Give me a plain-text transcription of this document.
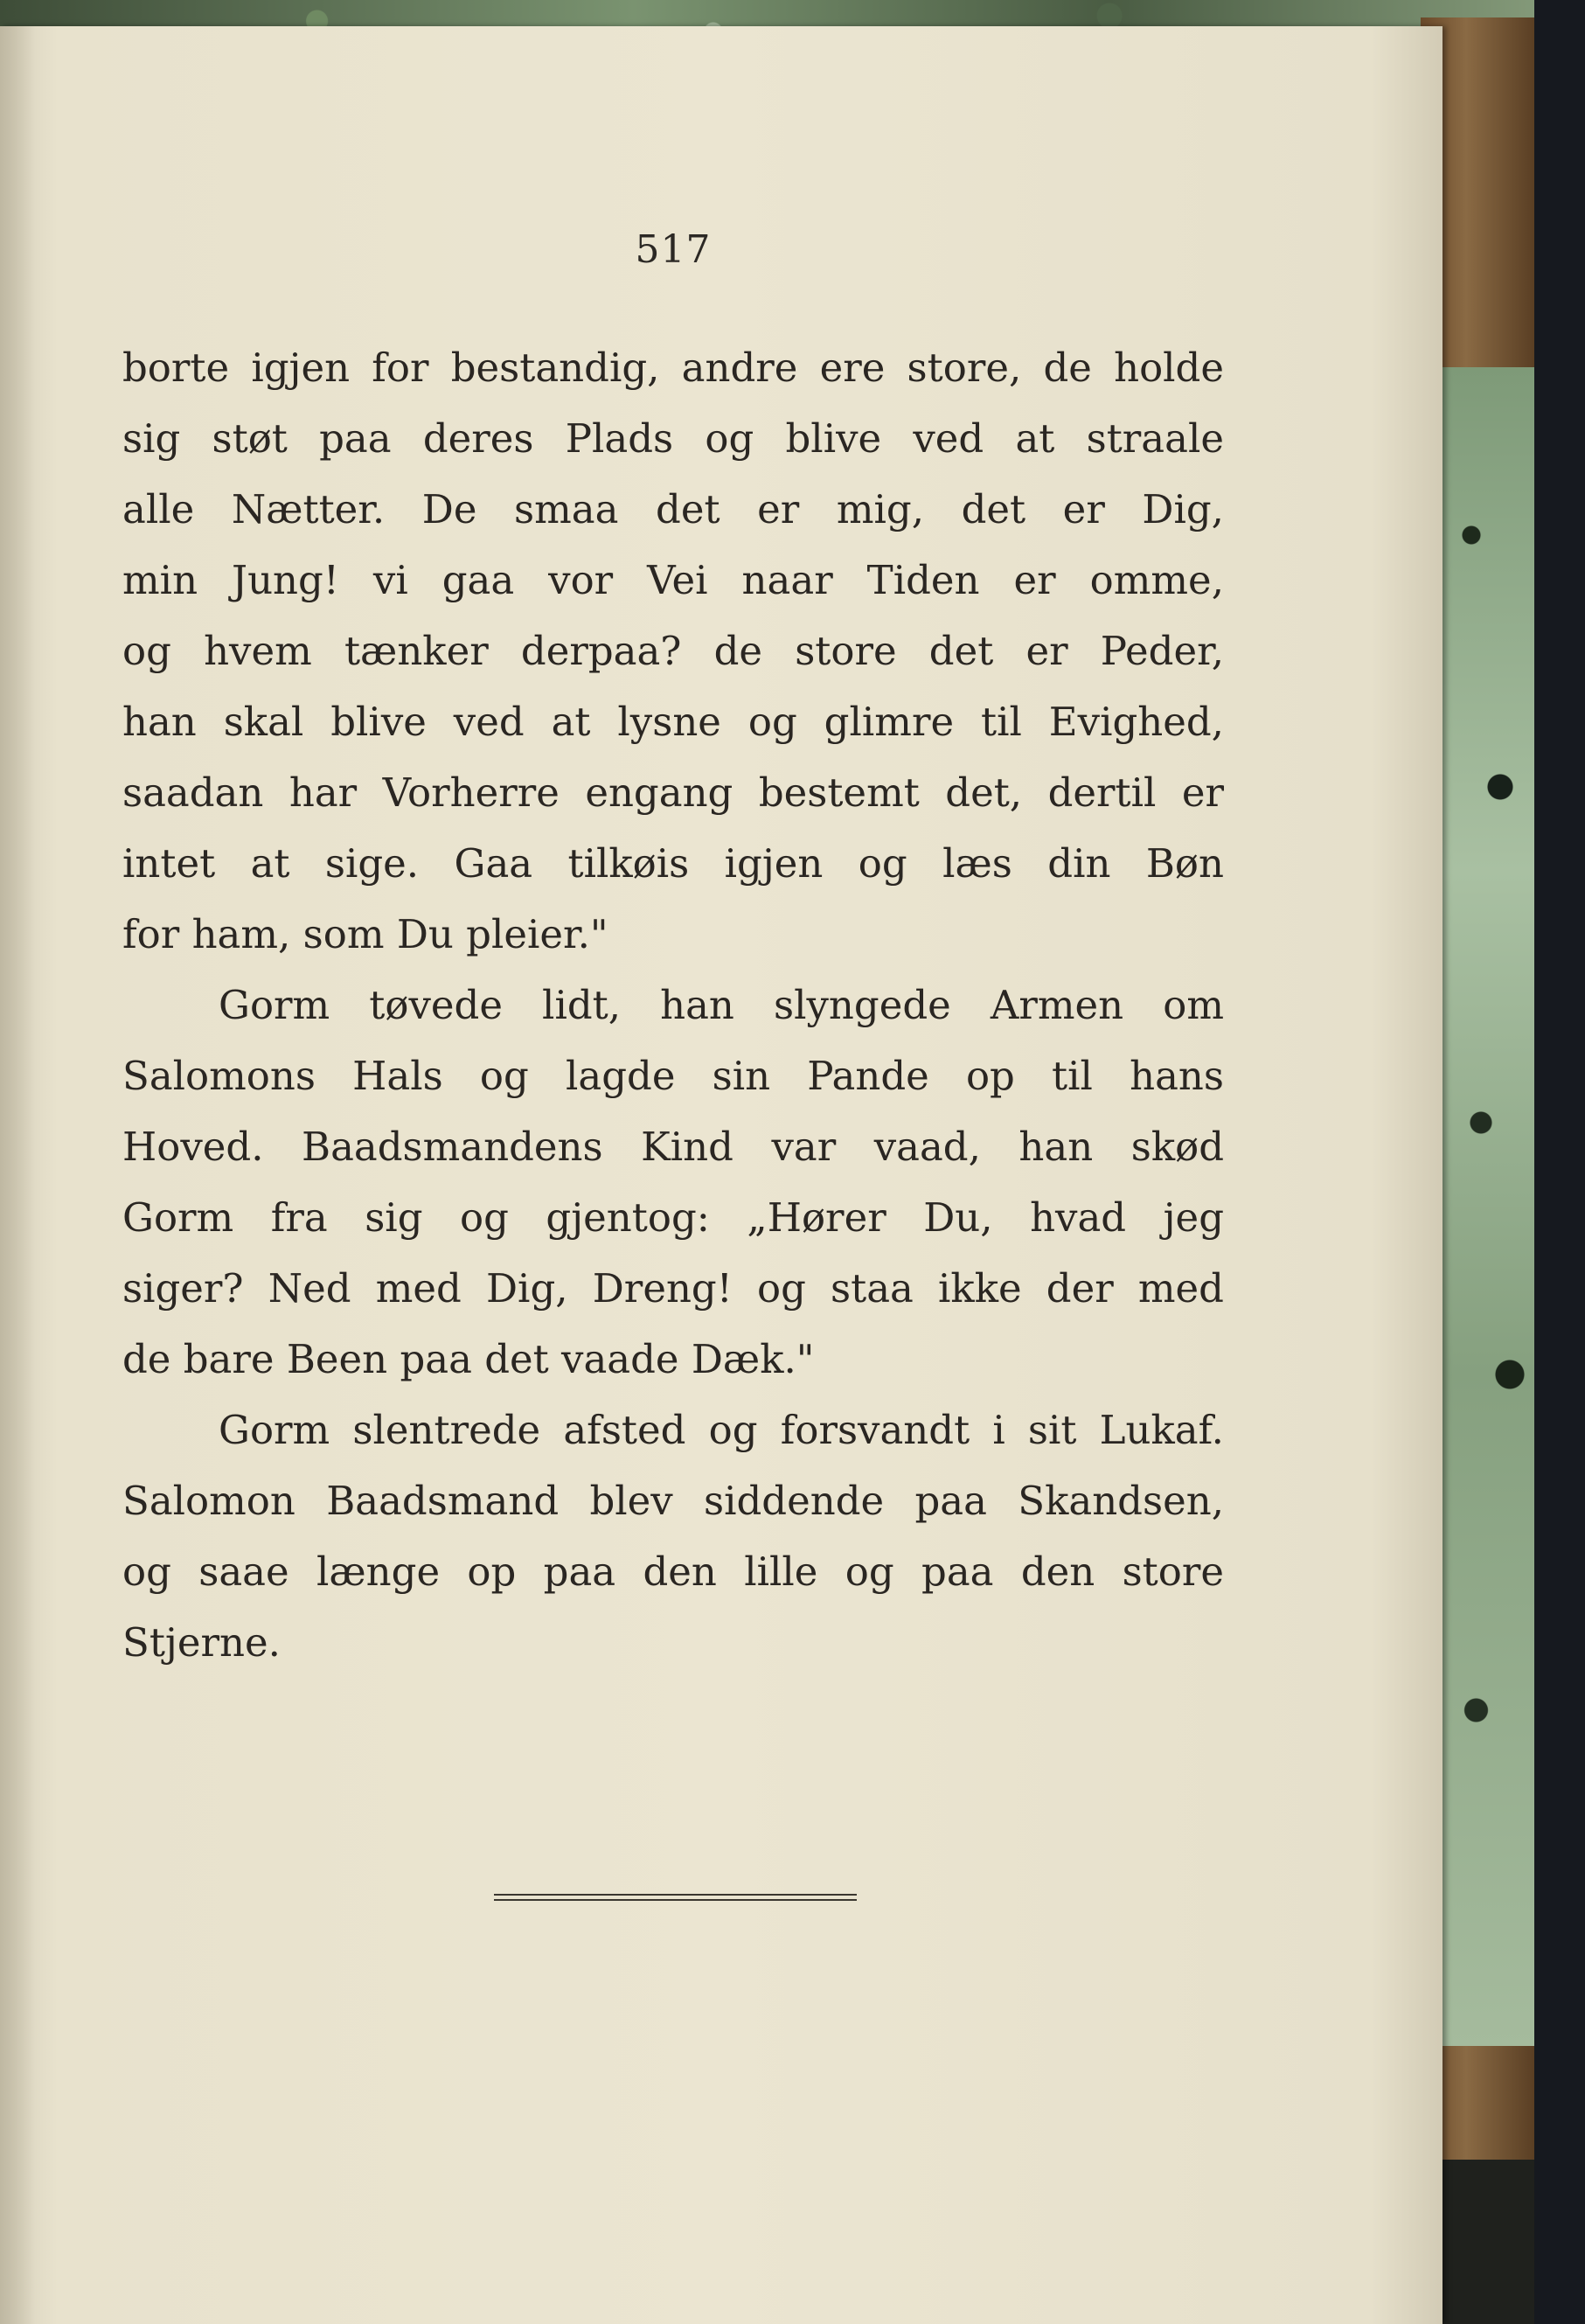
517
borte igjen for bestandig, andre ere store, de holde
sig støt paa deres Plads og blive ved at straale
alle Nætter. De smaa det er mig, det er Dig,
min Jung! vi gaa vor Vei naar Tiden er omme,
og hvem tænker derpaa? de store det er Peder,
han skal blive ved at lysne og glimre til Evighed,
saadan har Vorherre engang bestemt det, dertil er
intet at sige. Gaa tilkøis igjen og læs din Bøn
for ham, som Du pleier."
Gorm tøvede lidt, han slyngede Armen om
Salomons Hals og lagde sin Pande op til hans
Hoved. Baadsmandens Kind var vaad, han skød
Gorm fra sig og gjentog: „Hører Du, hvad jeg
siger? Ned med Dig, Dreng! og staa ikke der med
de bare Been paa det vaade Dæk."
Gorm slentrede afsted og forsvandt i sit Lukaf.
Salomon Baadsmand blev siddende paa Skandsen,
og saae længe op paa den lille og paa den store
Stjerne.
